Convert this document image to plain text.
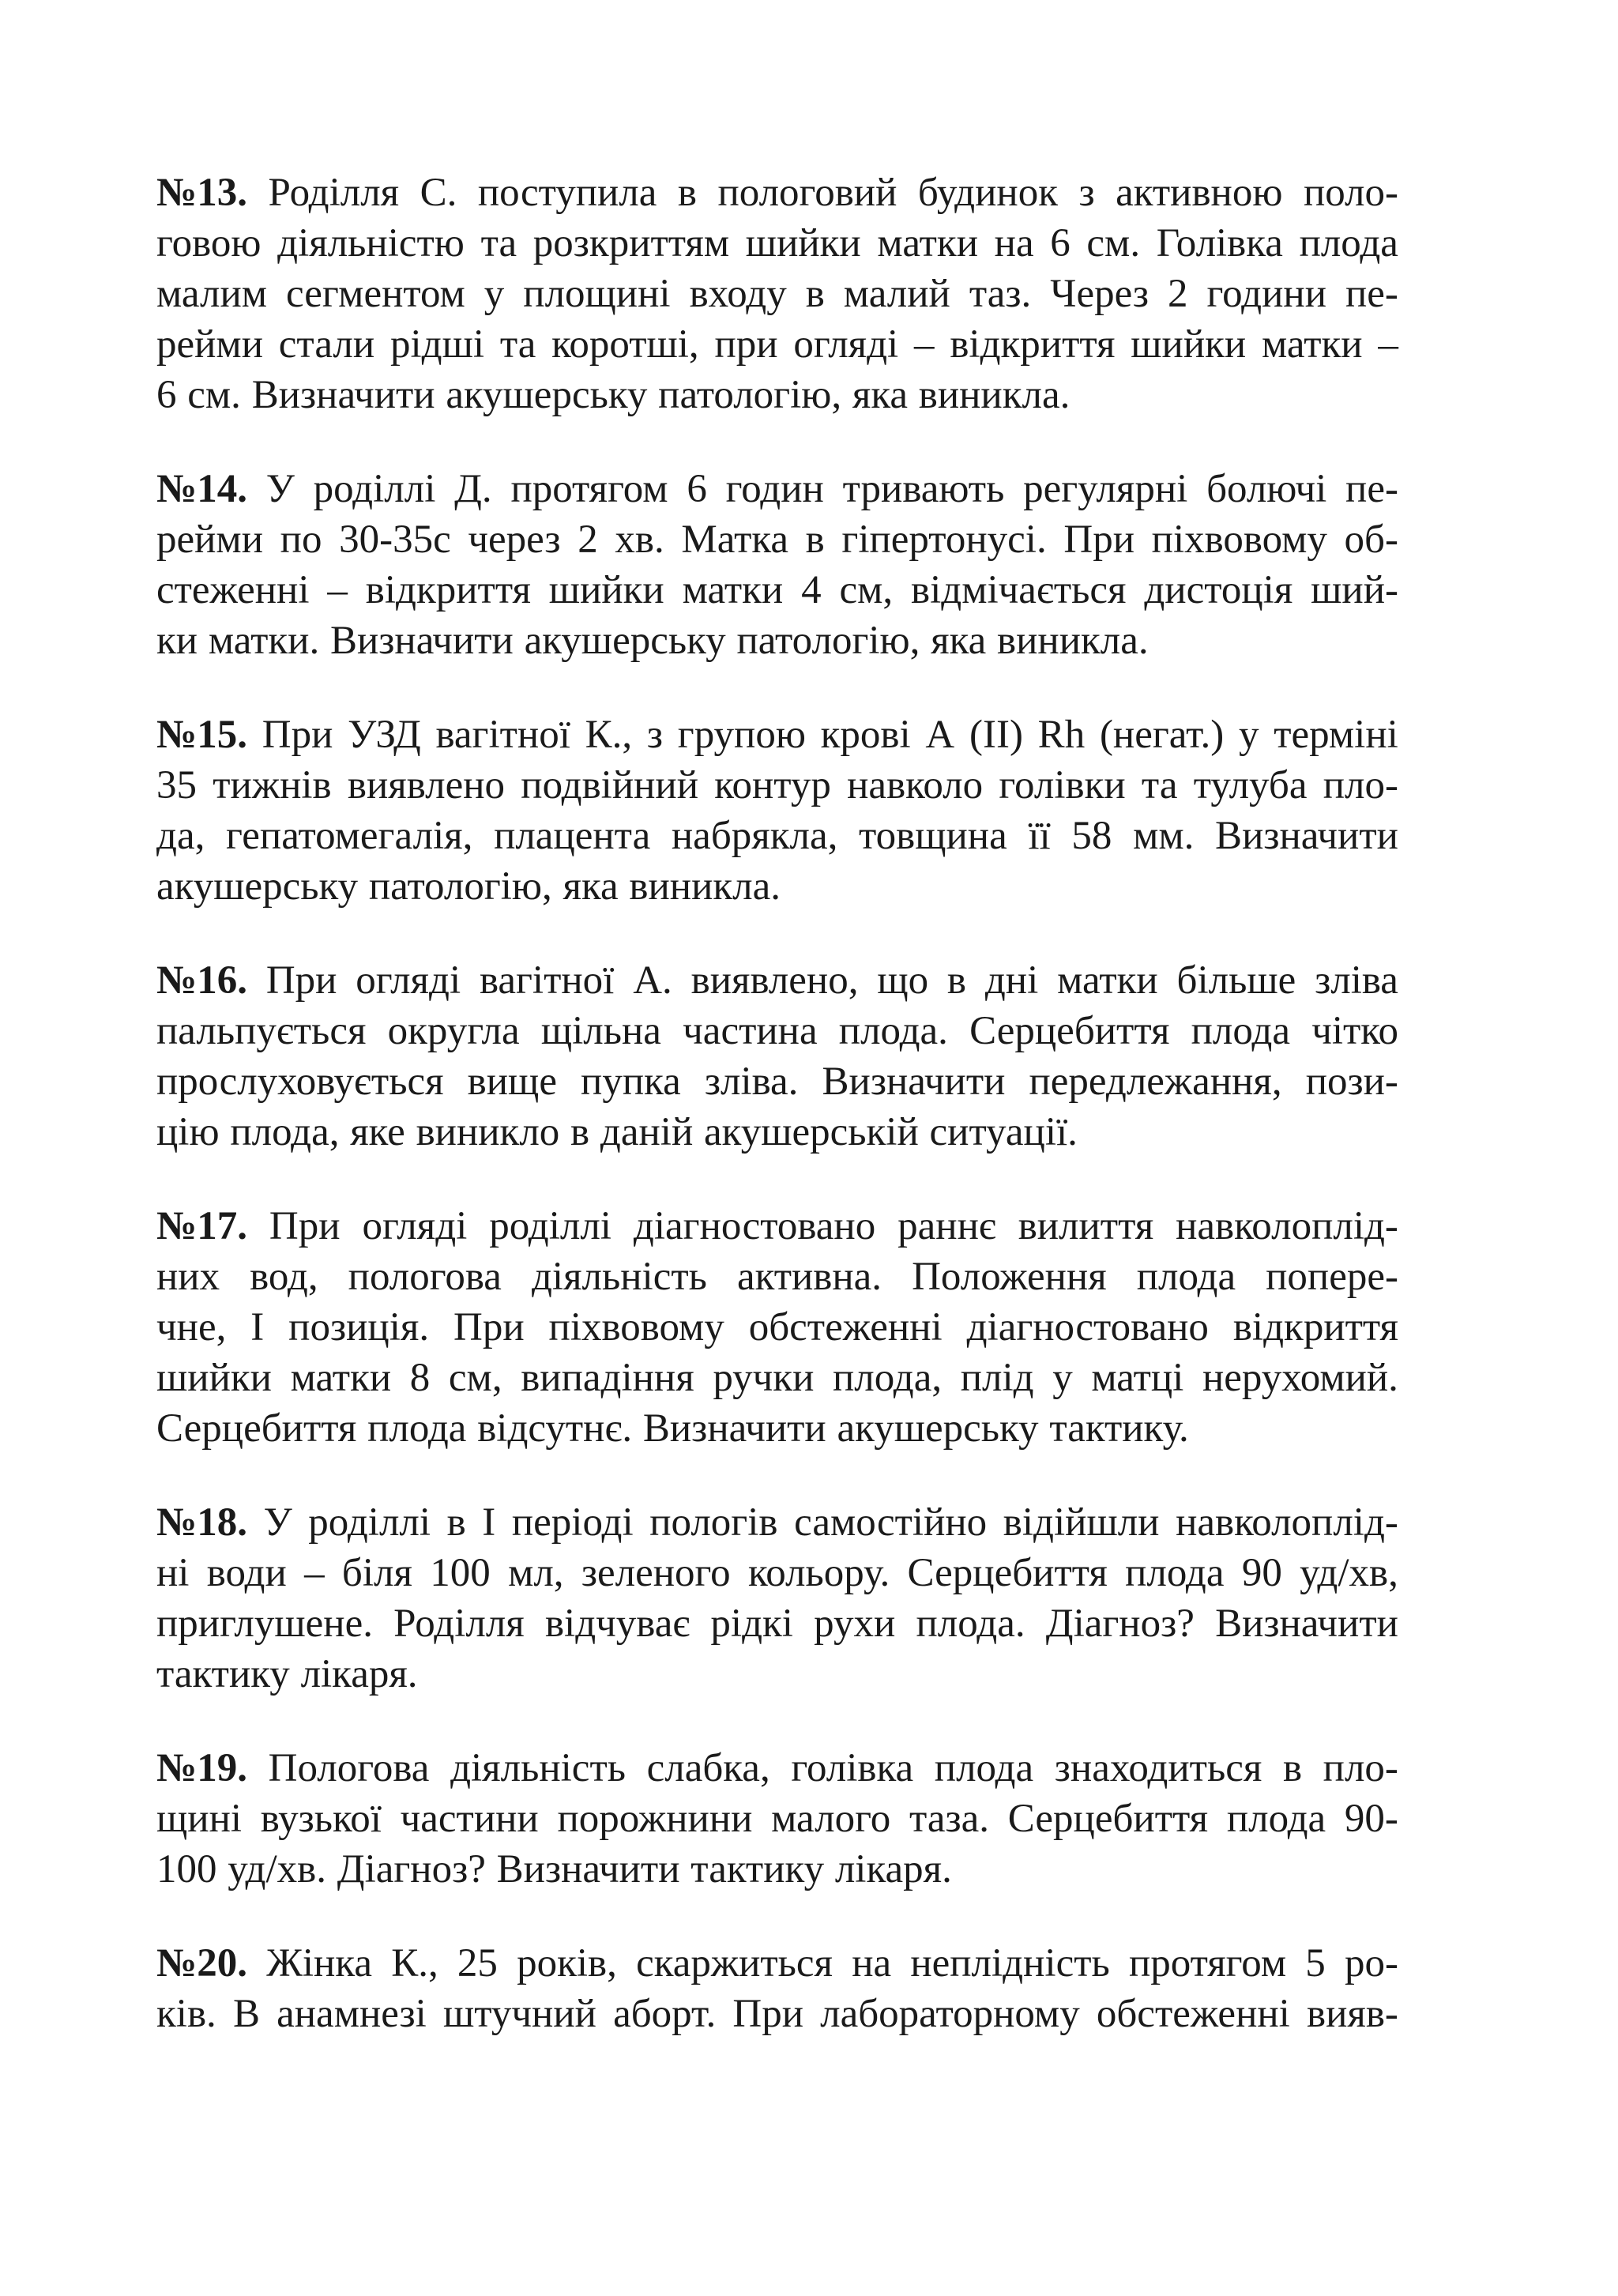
№13. Роділля С. поступила в пологовий будинок з активною поло-
говою діяльністю та розкриттям шийки матки на 6 см. Голівка плода
малим сегментом у площині входу в малий таз. Через 2 години пе-
рейми стали рідші та коротші, при огляді – відкриття шийки матки –
6 см. Визначити акушерську патологію, яка виникла.
№14. У роділлі Д. протягом 6 годин тривають регулярні болючі пе-
рейми по 30-35с через 2 хв. Матка в гіпертонусі. При піхвовому об-
стеженні – відкриття шийки матки 4 см, відмічається дистоція ший-
ки матки. Визначити акушерську патологію, яка виникла.
№15. При УЗД вагітної К., з групою крові А (ІІ) Rh (негат.) у терміні
35 тижнів виявлено подвійний контур навколо голівки та тулуба пло-
да, гепатомегалія, плацента набрякла, товщина її 58 мм. Визначити
акушерську патологію, яка виникла.
№16. При огляді вагітної А. виявлено, що в дні матки більше зліва
пальпується округла щільна частина плода. Серцебиття плода чітко
прослуховується вище пупка зліва. Визначити передлежання, пози-
цію плода, яке виникло в даній акушерській ситуації.
№17. При огляді роділлі діагностовано раннє вилиття навколоплід-
них вод, пологова діяльність активна. Положення плода попере-
чне, І позиція. При піхвовому обстеженні діагностовано відкриття
шийки матки 8 см, випадіння ручки плода, плід у матці нерухомий.
Серцебиття плода відсутнє. Визначити акушерську тактику.
№18. У роділлі в І періоді пологів самостійно відійшли навколоплід-
ні води – біля 100 мл, зеленого кольору. Серцебиття плода 90 уд/хв,
приглушене. Роділля відчуває рідкі рухи плода. Діагноз? Визначити
тактику лікаря.
№19. Пологова діяльність слабка, голівка плода знаходиться в пло-
щині вузької частини порожнини малого таза. Серцебиття плода 90-
100 уд/хв. Діагноз? Визначити тактику лікаря.
№20. Жінка К., 25 років, скаржиться на неплідність протягом 5 ро-
ків. В анамнезі штучний аборт. При лабораторному обстеженні вияв-
